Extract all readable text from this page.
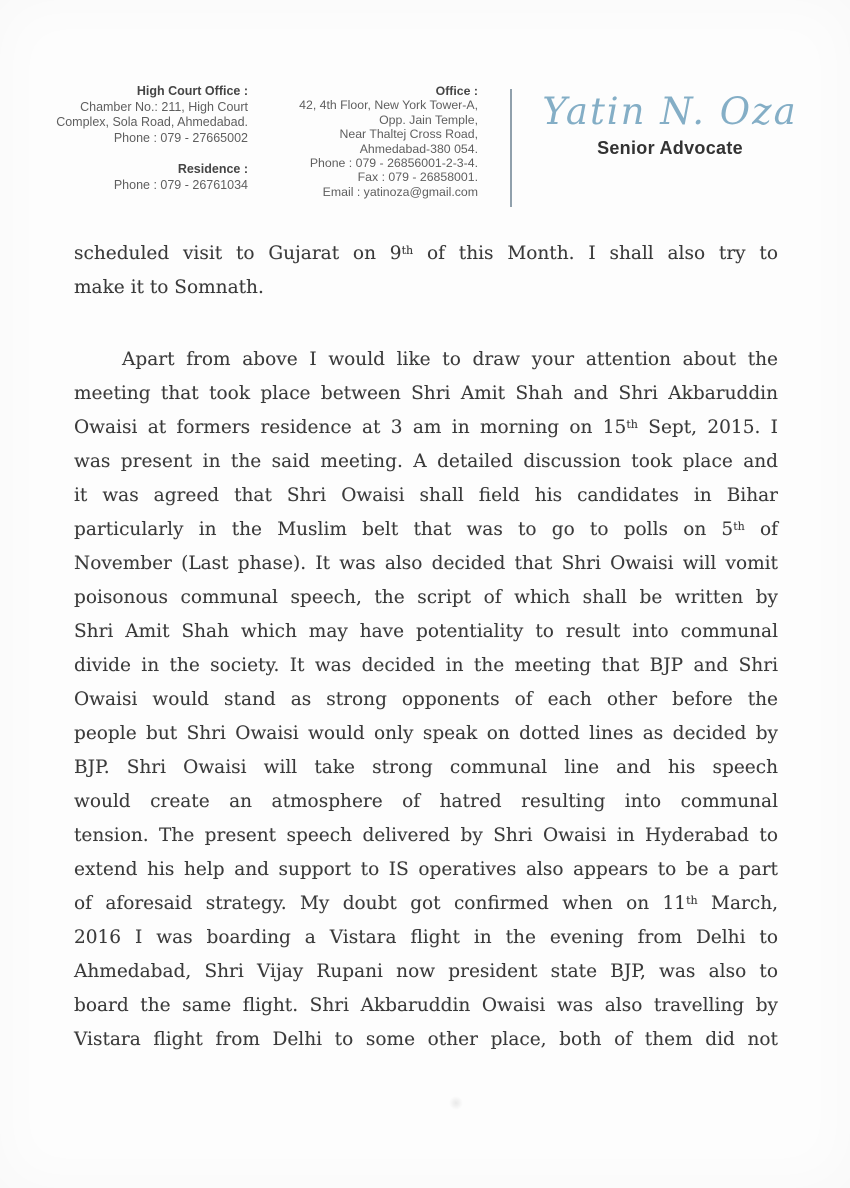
High Court Office :
Chamber No.: 211, High Court
Complex, Sola Road, Ahmedabad.
Phone : 079 - 27665002
Residence :
Phone : 079 - 26761034
Office :
42, 4th Floor, New York Tower-A,
Opp. Jain Temple,
Near Thaltej Cross Road,
Ahmedabad-380 054.
Phone : 079 - 26856001-2-3-4.
Fax : 079 - 26858001.
Email : yatinoza@gmail.com
Yatin N. Oza
Senior Advocate
scheduled visit to Gujarat on 9th of this Month. I shall also try to
make it to Somnath.
Apart from above I would like to draw your attention about the
meeting that took place between Shri Amit Shah and Shri Akbaruddin
Owaisi at formers residence at 3 am in morning on 15th Sept, 2015. I
was present in the said meeting. A detailed discussion took place and
it was agreed that Shri Owaisi shall field his candidates in Bihar
particularly in the Muslim belt that was to go to polls on 5th of
November (Last phase). It was also decided that Shri Owaisi will vomit
poisonous communal speech, the script of which shall be written by
Shri Amit Shah which may have potentiality to result into communal
divide in the society. It was decided in the meeting that BJP and Shri
Owaisi would stand as strong opponents of each other before the
people but Shri Owaisi would only speak on dotted lines as decided by
BJP. Shri Owaisi will take strong communal line and his speech
would create an atmosphere of hatred resulting into communal
tension. The present speech delivered by Shri Owaisi in Hyderabad to
extend his help and support to IS operatives also appears to be a part
of aforesaid strategy. My doubt got confirmed when on 11th March,
2016 I was boarding a Vistara flight in the evening from Delhi to
Ahmedabad, Shri Vijay Rupani now president state BJP, was also to
board the same flight. Shri Akbaruddin Owaisi was also travelling by
Vistara flight from Delhi to some other place, both of them did not
